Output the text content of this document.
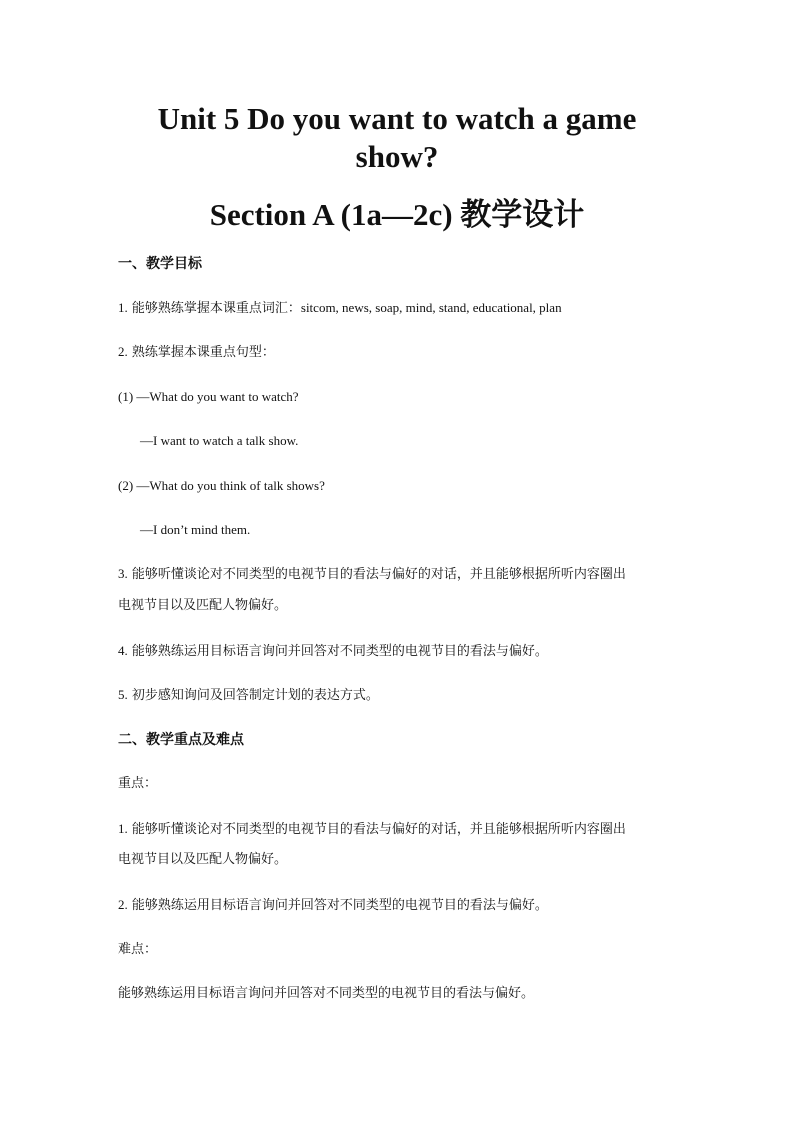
Unit 5 Do you want to watch a game
show?
Section A (1a—2c) 教学设计
一、教学目标
1. 能够熟练掌握本课重点词汇：sitcom, news, soap, mind, stand, educational, plan
2. 熟练掌握本课重点句型：
(1) —What do you want to watch?
—I want to watch a talk show.
(2) —What do you think of talk shows?
—I don’t mind them.
3. 能够听懂谈论对不同类型的电视节目的看法与偏好的对话，并且能够根据所听内容圈出
电视节目以及匹配人物偏好。
4. 能够熟练运用目标语言询问并回答对不同类型的电视节目的看法与偏好。
5. 初步感知询问及回答制定计划的表达方式。
二、教学重点及难点
重点：
1. 能够听懂谈论对不同类型的电视节目的看法与偏好的对话，并且能够根据所听内容圈出
电视节目以及匹配人物偏好。
2. 能够熟练运用目标语言询问并回答对不同类型的电视节目的看法与偏好。
难点：
能够熟练运用目标语言询问并回答对不同类型的电视节目的看法与偏好。
